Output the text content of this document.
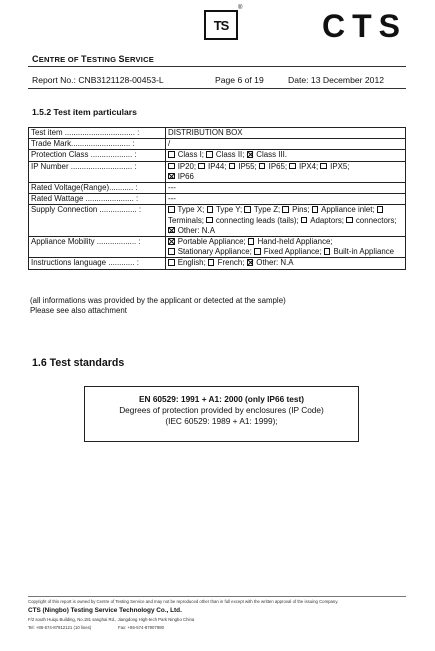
TS
® CTS
CENTRE OF TESTING SERVICE
Report No.: CNB3121128-00453-L	Page 6 of 19	Date: 13 December 2012
1.5.2 Test item particulars
Test item ................................ :	DISTRIBUTION BOX
Trade Mark........................... :	/
Protection Class ................... :	Class I;  Class II;  Class III.
IP Number ............................ :	IP20;  IP44;  IP55;  IP65;  IPX4;  IPX5;
IP66
Rated Voltage(Range)........... :	---
Rated Wattage ...................... :	---
Supply Connection ................. :	Type X;  Type Y;  Type Z;  Pins;  Appliance inlet;  Terminals;  connecting leads (tails);  Adaptors;  connectors; Other: N.A
Appliance Mobility .................. :	Portable Appliance;  Hand-held Appliance;
Stationary Appliance;  Fixed Appliance;  Built-in Appliance
Instructions language ............ :	English;  French;  Other: N.A
(all informations was provided by the applicant or detected at the sample)
Please see also attachment
1.6 Test standards
EN 60529: 1991 + A1: 2000 (only IP66 test)
Degrees of protection provided by enclosures (IP Code)
(IEC 60529: 1989 + A1: 1999);
Copyright of this report is owned by Centre of Testing Service and may not be reproduced other than in full except with the written approval of the issuing Company.
CTS (Ningbo) Testing Service Technology Co., Ltd.
F/2 south Huiqu Building, No.181 sanghai Rd., Jiangdong High-tech Park Ningbo China
Tel: +86-574-87912121 (10 lines)	Fax: +86-574-87907980
